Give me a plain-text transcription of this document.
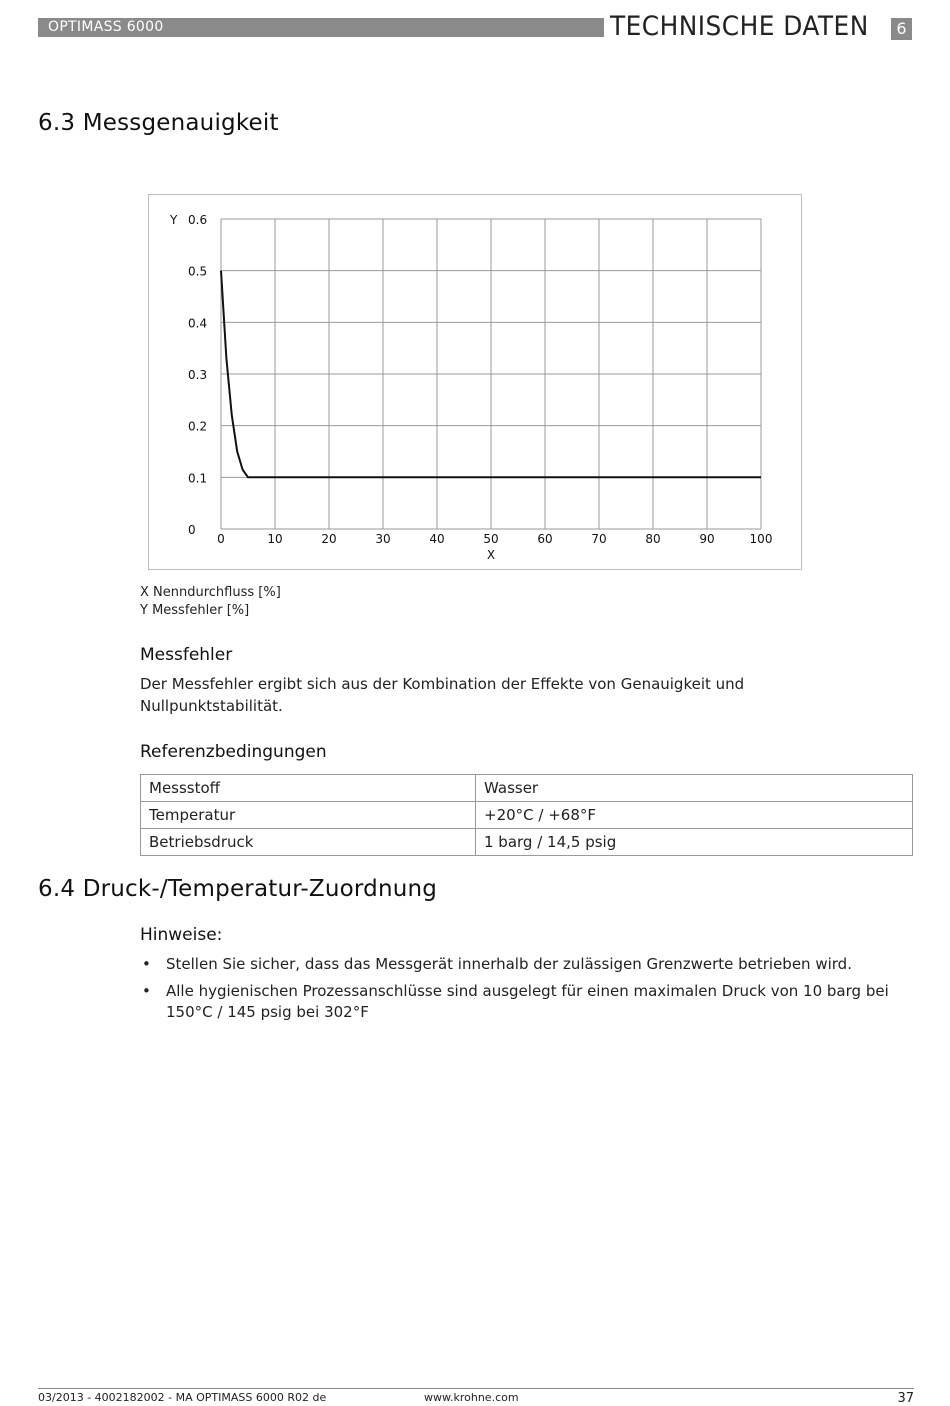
OPTIMASS 6000	TECHNISCHE DATEN	6
6.3 Messgenauigkeit
0	10	20	30	40	50	60	70	80	90	100
0
0.1
0.2
0.3
0.4
0.5
0.6
X
Y
X Nenndurchfluss [%]
Y Messfehler [%]
Messfehler

Der Messfehler ergibt sich aus der Kombination der Effekte von Genauigkeit und Nullpunktstabilität.

Referenzbedingungen
Messstoff	Wasser
Temperatur	+20°C / +68°F
Betriebsdruck	1 barg / 14,5 psig
6.4 Druck-/Temperatur-Zuordnung
Hinweise:
• Stellen Sie sicher, dass das Messgerät innerhalb der zulässigen Grenzwerte betrieben wird.
• Alle hygienischen Prozessanschlüsse sind ausgelegt für einen maximalen Druck von 10 barg bei 150°C / 145 psig bei 302°F
03/2013 - 4002182002 - MA OPTIMASS 6000 R02 de	www.krohne.com	37
